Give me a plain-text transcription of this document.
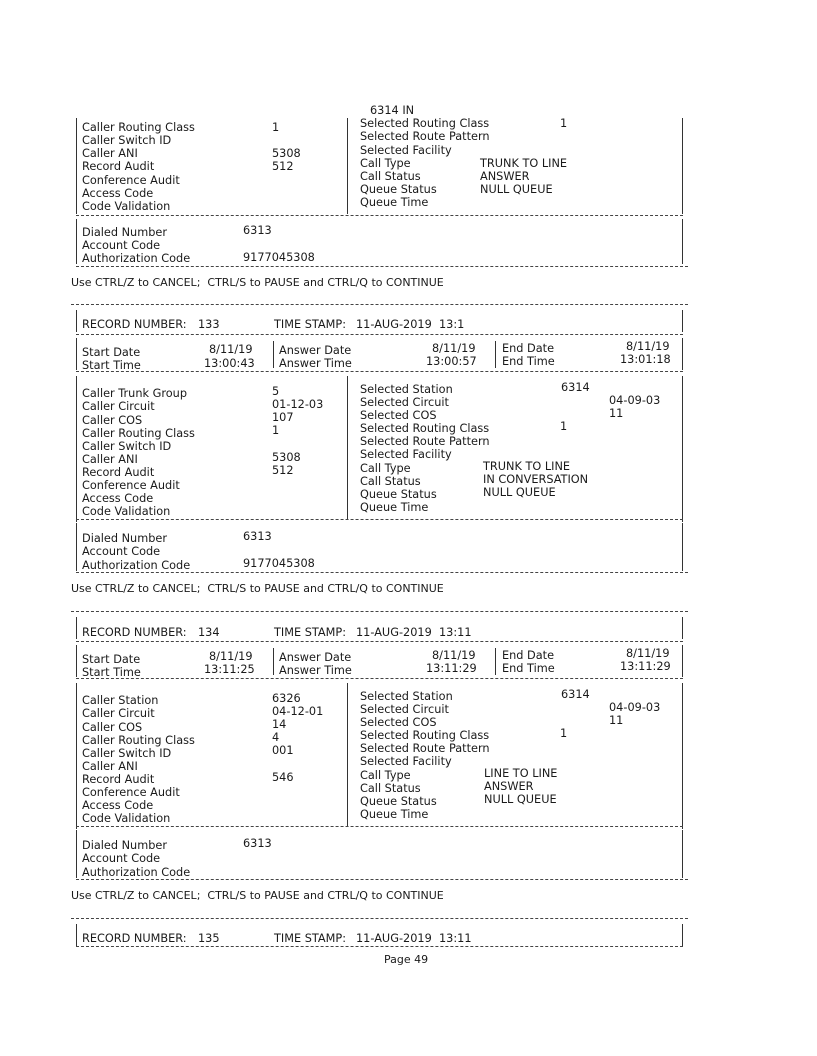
6314 IN
Caller Routing Class	1
Caller Switch ID
Caller ANI	5308
Record Audit	512
Conference Audit
Access Code
Code Validation
Selected Routing Class	1
Selected Route Pattern
Selected Facility
Call Type	TRUNK TO LINE
Call Status	ANSWER
Queue Status	NULL QUEUE
Queue Time
Dialed Number	6313
Account Code
Authorization Code	9177045308
Use CTRL/Z to CANCEL;  CTRL/S to PAUSE and CTRL/Q to CONTINUE
RECORD NUMBER: 133	TIME STAMP: 11-AUG-2019  13:1
Start Date	8/11/19
Start Time	13:00:43
Answer Date	8/11/19
Answer Time	13:00:57
End Date	8/11/19
End Time	13:01:18
Caller Trunk Group	5
Caller Circuit	01-12-03
Caller COS	107
Caller Routing Class	1
Caller Switch ID
Caller ANI	5308
Record Audit	512
Conference Audit
Access Code
Code Validation
Selected Station	6314
Selected Circuit	04-09-03
Selected COS	11
Selected Routing Class	1
Selected Route Pattern
Selected Facility
Call Type	TRUNK TO LINE
Call Status	IN CONVERSATION
Queue Status	NULL QUEUE
Queue Time
Dialed Number	6313
Account Code
Authorization Code	9177045308
Use CTRL/Z to CANCEL;  CTRL/S to PAUSE and CTRL/Q to CONTINUE
RECORD NUMBER: 134	TIME STAMP: 11-AUG-2019  13:11
Start Date	8/11/19
Start Time	13:11:25
Answer Date	8/11/19
Answer Time	13:11:29
End Date	8/11/19
End Time	13:11:29
Caller Station	6326
Caller Circuit	04-12-01
Caller COS	14
Caller Routing Class	4
Caller Switch ID	001
Caller ANI
Record Audit	546
Conference Audit
Access Code
Code Validation
Selected Station	6314
Selected Circuit	04-09-03
Selected COS	11
Selected Routing Class	1
Selected Route Pattern
Selected Facility
Call Type	LINE TO LINE
Call Status	ANSWER
Queue Status	NULL QUEUE
Queue Time
Dialed Number	6313
Account Code
Authorization Code
Use CTRL/Z to CANCEL;  CTRL/S to PAUSE and CTRL/Q to CONTINUE
RECORD NUMBER: 135	TIME STAMP: 11-AUG-2019  13:11
Page 49
